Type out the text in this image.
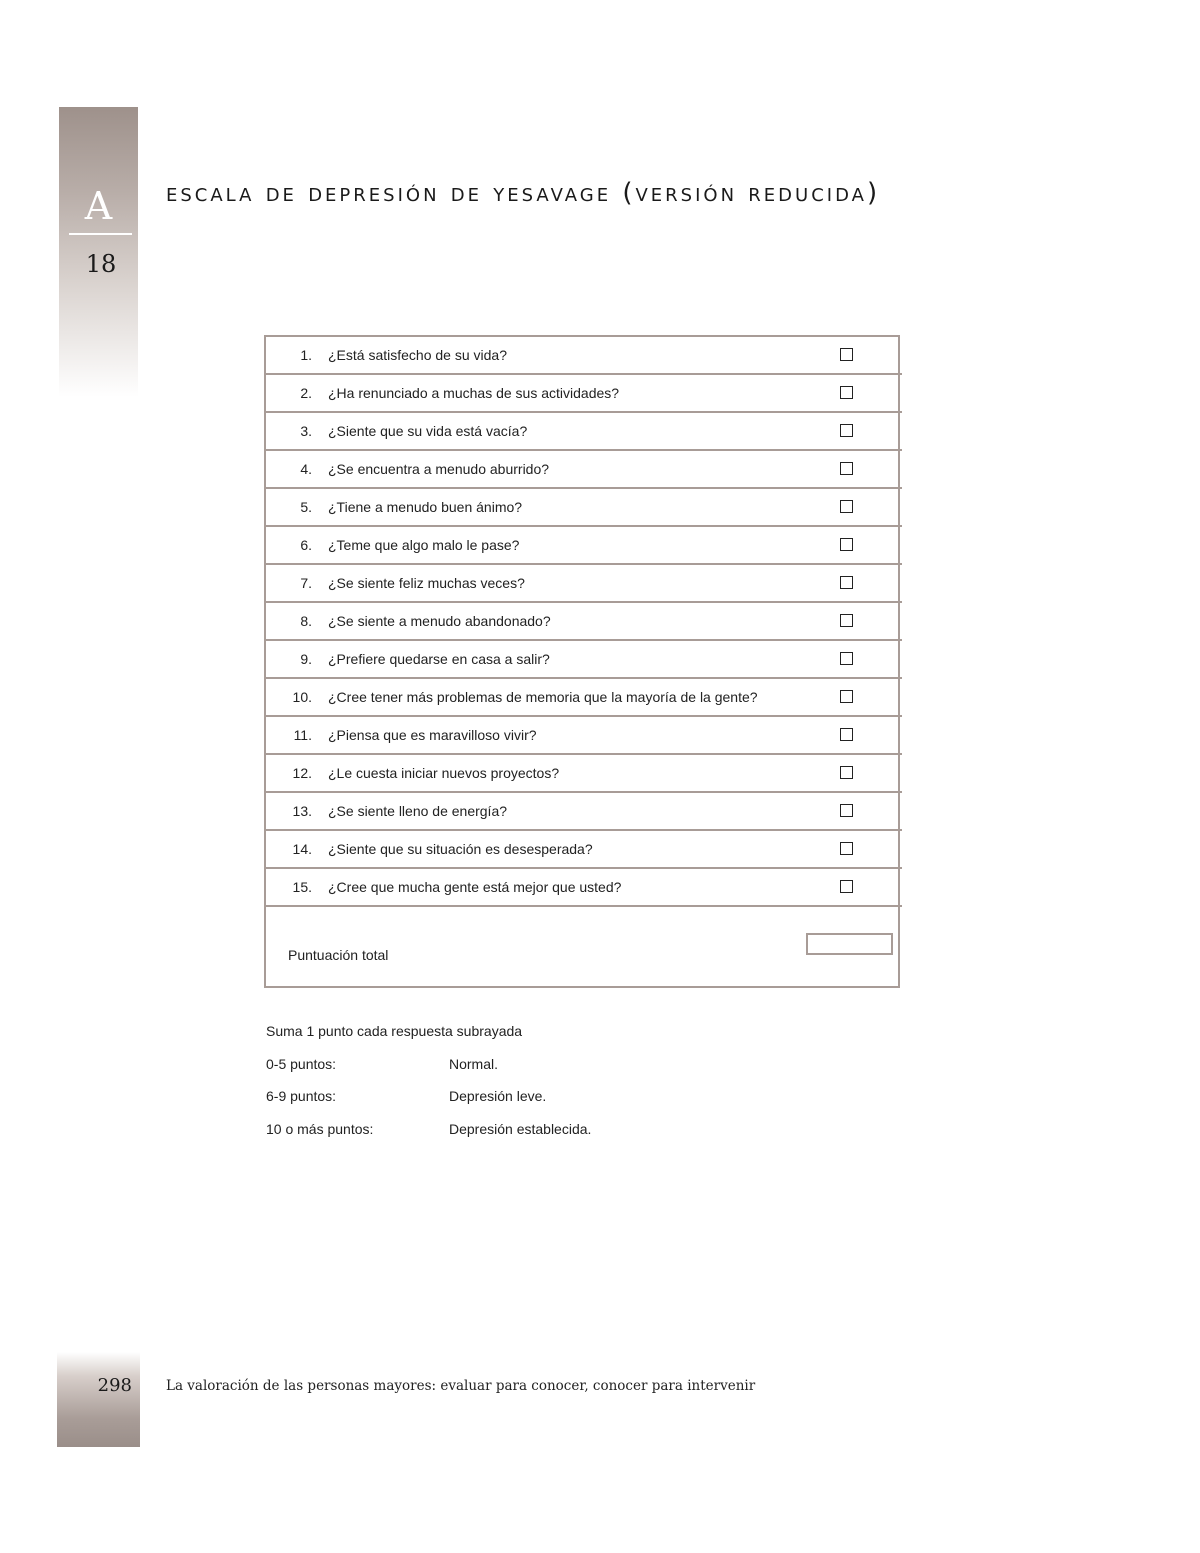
A
18
escala de depresión de yesavage (versión reducida)
1. ¿Está satisfecho de su vida?
2. ¿Ha renunciado a muchas de sus actividades?
3. ¿Siente que su vida está vacía?
4. ¿Se encuentra a menudo aburrido?
5. ¿Tiene a menudo buen ánimo?
6. ¿Teme que algo malo le pase?
7. ¿Se siente feliz muchas veces?
8. ¿Se siente a menudo abandonado?
9. ¿Prefiere quedarse en casa a salir?
10. ¿Cree tener más problemas de memoria que la mayoría de la gente?
11. ¿Piensa que es maravilloso vivir?
12. ¿Le cuesta iniciar nuevos proyectos?
13. ¿Se siente lleno de energía?
14. ¿Siente que su situación es desesperada?
15. ¿Cree que mucha gente está mejor que usted?
Puntuación total
Suma 1 punto cada respuesta subrayada
0-5 puntos:	Normal.
6-9 puntos:	Depresión leve.
10 o más puntos:	Depresión establecida.
298	La valoración de las personas mayores: evaluar para conocer, conocer para intervenir
